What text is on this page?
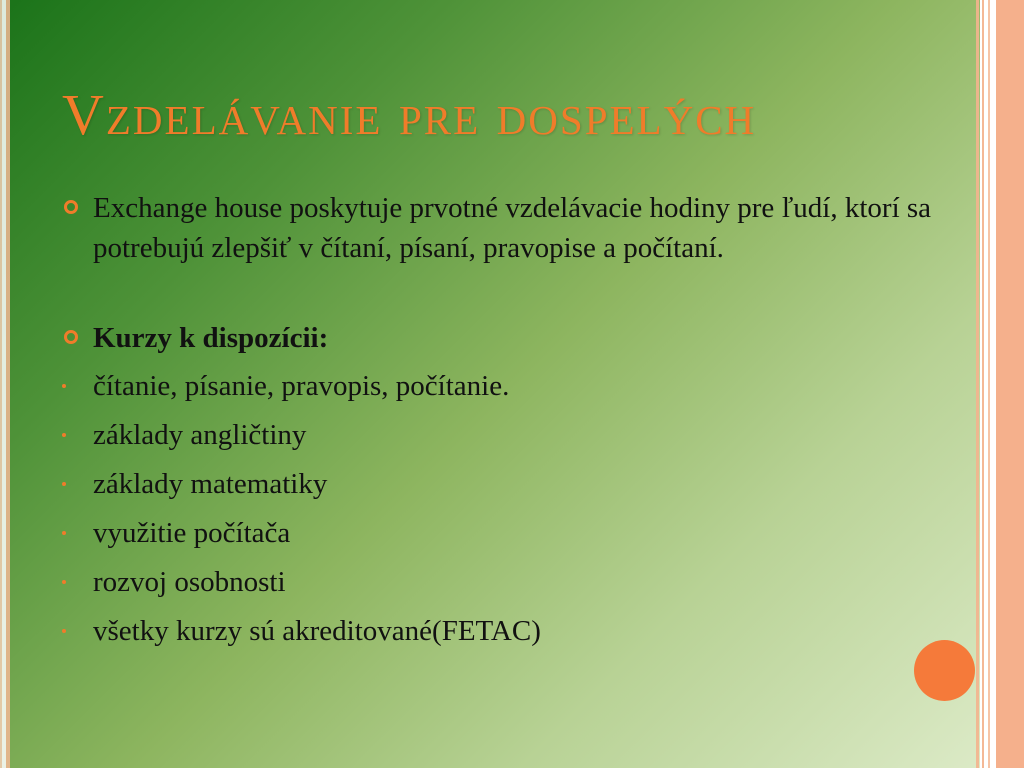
Vzdelávanie pre dospelých
Exchange house poskytuje prvotné vzdelávacie hodiny pre ľudí, ktorí sa potrebujú zlepšiť v čítaní, písaní, pravopise a počítaní.
Kurzy k dispozícii:
čítanie, písanie, pravopis, počítanie.
základy angličtiny
základy matematiky
využitie počítača
rozvoj osobnosti
všetky kurzy sú akreditované(FETAC)
